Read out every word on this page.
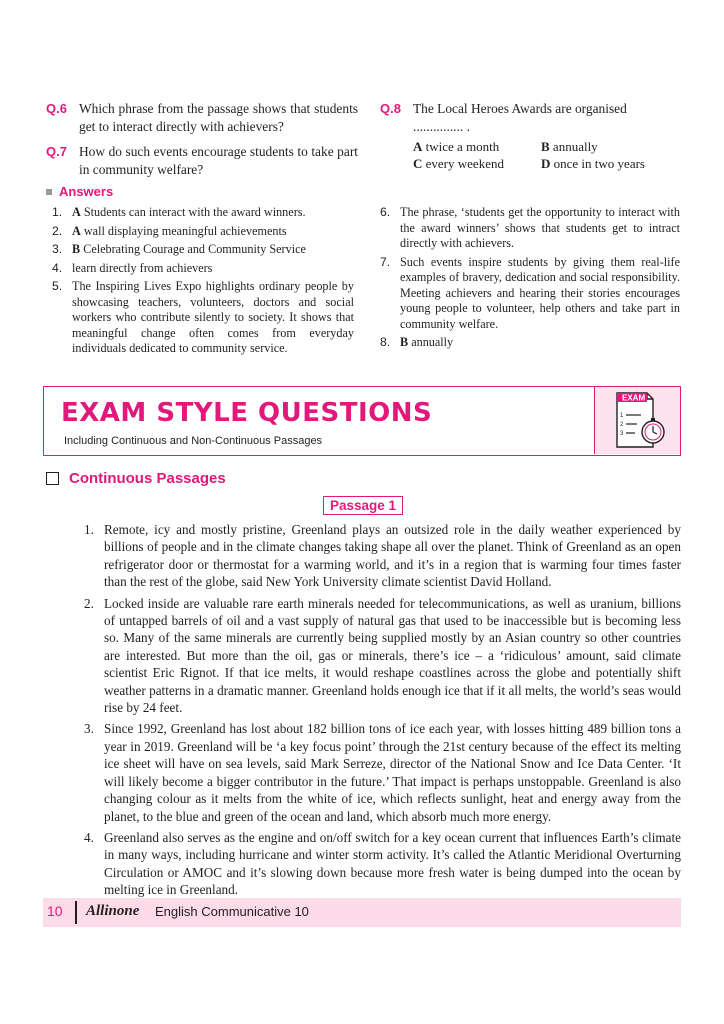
Q.6 Which phrase from the passage shows that students get to interact directly with achievers?
Q.7 How do such events encourage students to take part in community welfare?
Q.8 The Local Heroes Awards are organised
............... .
A twice a month	B annually
C every weekend	D once in two years
Answers
1. A Students can interact with the award winners.
2. A wall displaying meaningful achievements
3. B Celebrating Courage and Community Service
4. learn directly from achievers
5. The Inspiring Lives Expo highlights ordinary people by showcasing teachers, volunteers, doctors and social workers who contribute silently to society. It shows that meaningful change often comes from everyday individuals dedicated to community service.
6. The phrase, ‘students get the opportunity to interact with the award winners’ shows that students get to intract directly with achievers.
7. Such events inspire students by giving them real-life examples of bravery, dedication and social responsibility. Meeting achievers and hearing their stories encourages young people to volunteer, help others and take part in community welfare.
8. B annually
EXAM STYLE QUESTIONS
Including Continuous and Non-Continuous Passages
EXAM
1
2
3
Continuous Passages
Passage 1
1. Remote, icy and mostly pristine, Greenland plays an outsized role in the daily weather experienced by billions of people and in the climate changes taking shape all over the planet. Think of Greenland as an open refrigerator door or thermostat for a warming world, and it’s in a region that is warming four times faster than the rest of the globe, said New York University climate scientist David Holland.
2. Locked inside are valuable rare earth minerals needed for telecommunications, as well as uranium, billions of untapped barrels of oil and a vast supply of natural gas that used to be inaccessible but is becoming less so. Many of the same minerals are currently being supplied mostly by an Asian country so other countries are interested. But more than the oil, gas or minerals, there’s ice – a ‘ridiculous’ amount, said climate scientist Eric Rignot. If that ice melts, it would reshape coastlines across the globe and potentially shift weather patterns in a dramatic manner. Greenland holds enough ice that if it all melts, the world’s seas would rise by 24 feet.
3. Since 1992, Greenland has lost about 182 billion tons of ice each year, with losses hitting 489 billion tons a year in 2019. Greenland will be ‘a key focus point’ through the 21st century because of the effect its melting ice sheet will have on sea levels, said Mark Serreze, director of the National Snow and Ice Data Center. ‘It will likely become a bigger contributor in the future.’ That impact is perhaps unstoppable. Greenland is also changing colour as it melts from the white of ice, which reflects sunlight, heat and energy away from the planet, to the blue and green of the ocean and land, which absorb much more energy.
4. Greenland also serves as the engine and on/off switch for a key ocean current that influences Earth’s climate in many ways, including hurricane and winter storm activity. It’s called the Atlantic Meridional Overturning Circulation or AMOC and it’s slowing down because more fresh water is being dumped into the ocean by melting ice in Greenland.
10 Allinone English Communicative 10
